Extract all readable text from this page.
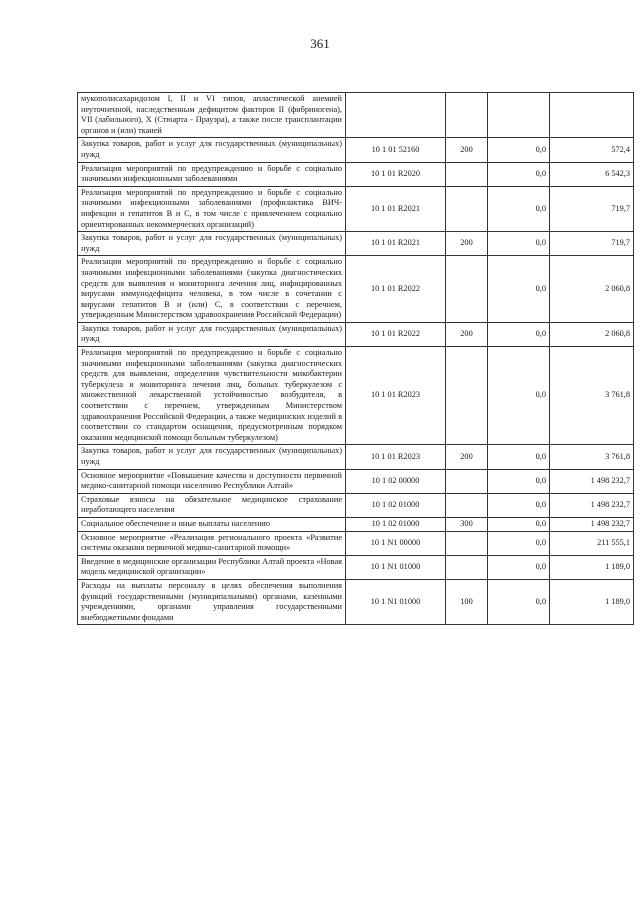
361
мукополисахаридозом I, II и VI типов, апластической анемией неуточненной, наследственным дефицитом факторов II (фибриногена), VII (лабильного), X (Стюарта - Прауэра), а также после трансплантации органов и (или) тканей				
Закупка товаров, работ и услуг для государственных (муниципальных) нужд	10 1 01 52160	200	0,0	572,4
Реализация мероприятий по предупреждению и борьбе с социально значимыми инфекционными заболеваниями	10 1 01 R2020		0,0	6 542,3
Реализация мероприятий по предупреждению и борьбе с социально значимыми инфекционными заболеваниями (профилактика ВИЧ-инфекции и гепатитов B и C, в том числе с привлечением социально ориентированных некоммерческих организаций)	10 1 01 R2021		0,0	719,7
Закупка товаров, работ и услуг для государственных (муниципальных) нужд	10 1 01 R2021	200	0,0	719,7
Реализация мероприятий по предупреждению и борьбе с социально значимыми инфекционными заболеваниями (закупка диагностических средств для выявления и мониторинга лечения лиц, инфицированных вирусами иммунодефицита человека, в том числе в сочетании с вирусами гепатитов B и (или) C, в соответствии с перечнем, утвержденным Министерством здравоохранения Российской Федерации)	10 1 01 R2022		0,0	2 060,8
Закупка товаров, работ и услуг для государственных (муниципальных) нужд	10 1 01 R2022	200	0,0	2 060,8
Реализация мероприятий по предупреждению и борьбе с социально значимыми инфекционными заболеваниями (закупка диагностических средств для выявления, определения чувствительности микобактерии туберкулеза и мониторинга лечения лиц, больных туберкулезом с множественной лекарственной устойчивостью возбудителя, в соответствии с перечнем, утвержденным Министерством здравоохранения Российской Федерации, а также медицинских изделий в соответствии со стандартом оснащения, предусмотренным порядком оказания медицинской помощи больным туберкулезом)	10 1 01 R2023		0,0	3 761,8
Закупка товаров, работ и услуг для государственных (муниципальных) нужд	10 1 01 R2023	200	0,0	3 761,8
Основное мероприятие «Повышение качества и доступности первичной медико-санитарной помощи населению Республики Алтай»	10 1 02 00000		0,0	1 498 232,7
Страховые взносы на обязательное медицинское страхование неработающего населения	10 1 02 01000		0,0	1 498 232,7
Социальное обеспечение и иные выплаты населению	10 1 02 01000	300	0,0	1 498 232,7
Основное мероприятие «Реализация регионального проекта «Развитие системы оказания первичной медико-санитарной помощи»	10 1 N1 00000		0,0	211 555,1
Введение в медицинские организации Республики Алтай проекта «Новая модель медицинской организации»	10 1 N1 01000		0,0	1 189,0
Расходы на выплаты персоналу в целях обеспечения выполнения функций государственными (муниципальными) органами, казенными учреждениями, органами управления государственными внебюджетными фондами	10 1 N1 01000	100	0,0	1 189,0
